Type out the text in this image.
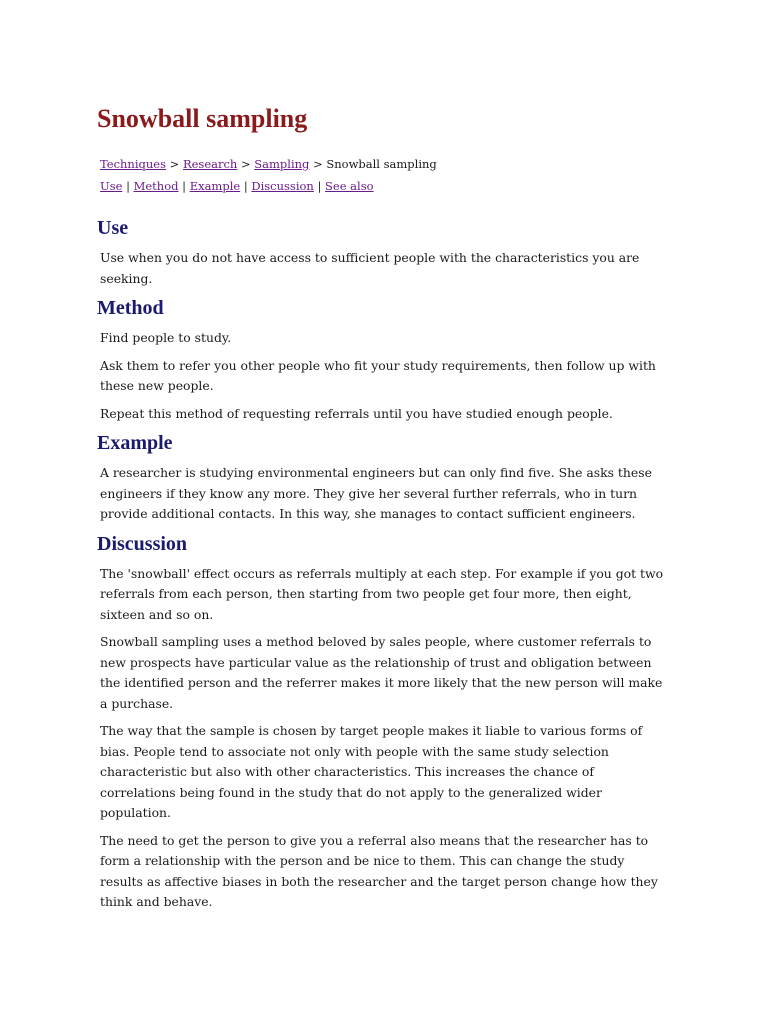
Snowball sampling
Techniques > Research > Sampling > Snowball sampling
Use | Method | Example | Discussion | See also
Use

Use when you do not have access to sufficient people with the characteristics you are seeking.

Method

Find people to study.

Ask them to refer you other people who fit your study requirements, then follow up with these new people.

Repeat this method of requesting referrals until you have studied enough people.

Example

A researcher is studying environmental engineers but can only find five. She asks these engineers if they know any more. They give her several further referrals, who in turn provide additional contacts. In this way, she manages to contact sufficient engineers.

Discussion

The 'snowball' effect occurs as referrals multiply at each step. For example if you got two referrals from each person, then starting from two people get four more, then eight, sixteen and so on.

Snowball sampling uses a method beloved by sales people, where customer referrals to new prospects have particular value as the relationship of trust and obligation between the identified person and the referrer makes it more likely that the new person will make a purchase.

The way that the sample is chosen by target people makes it liable to various forms of bias. People tend to associate not only with people with the same study selection characteristic but also with other characteristics. This increases the chance of correlations being found in the study that do not apply to the generalized wider population.

The need to get the person to give you a referral also means that the researcher has to form a relationship with the person and be nice to them. This can change the study results as affective biases in both the researcher and the target person change how they think and behave.
